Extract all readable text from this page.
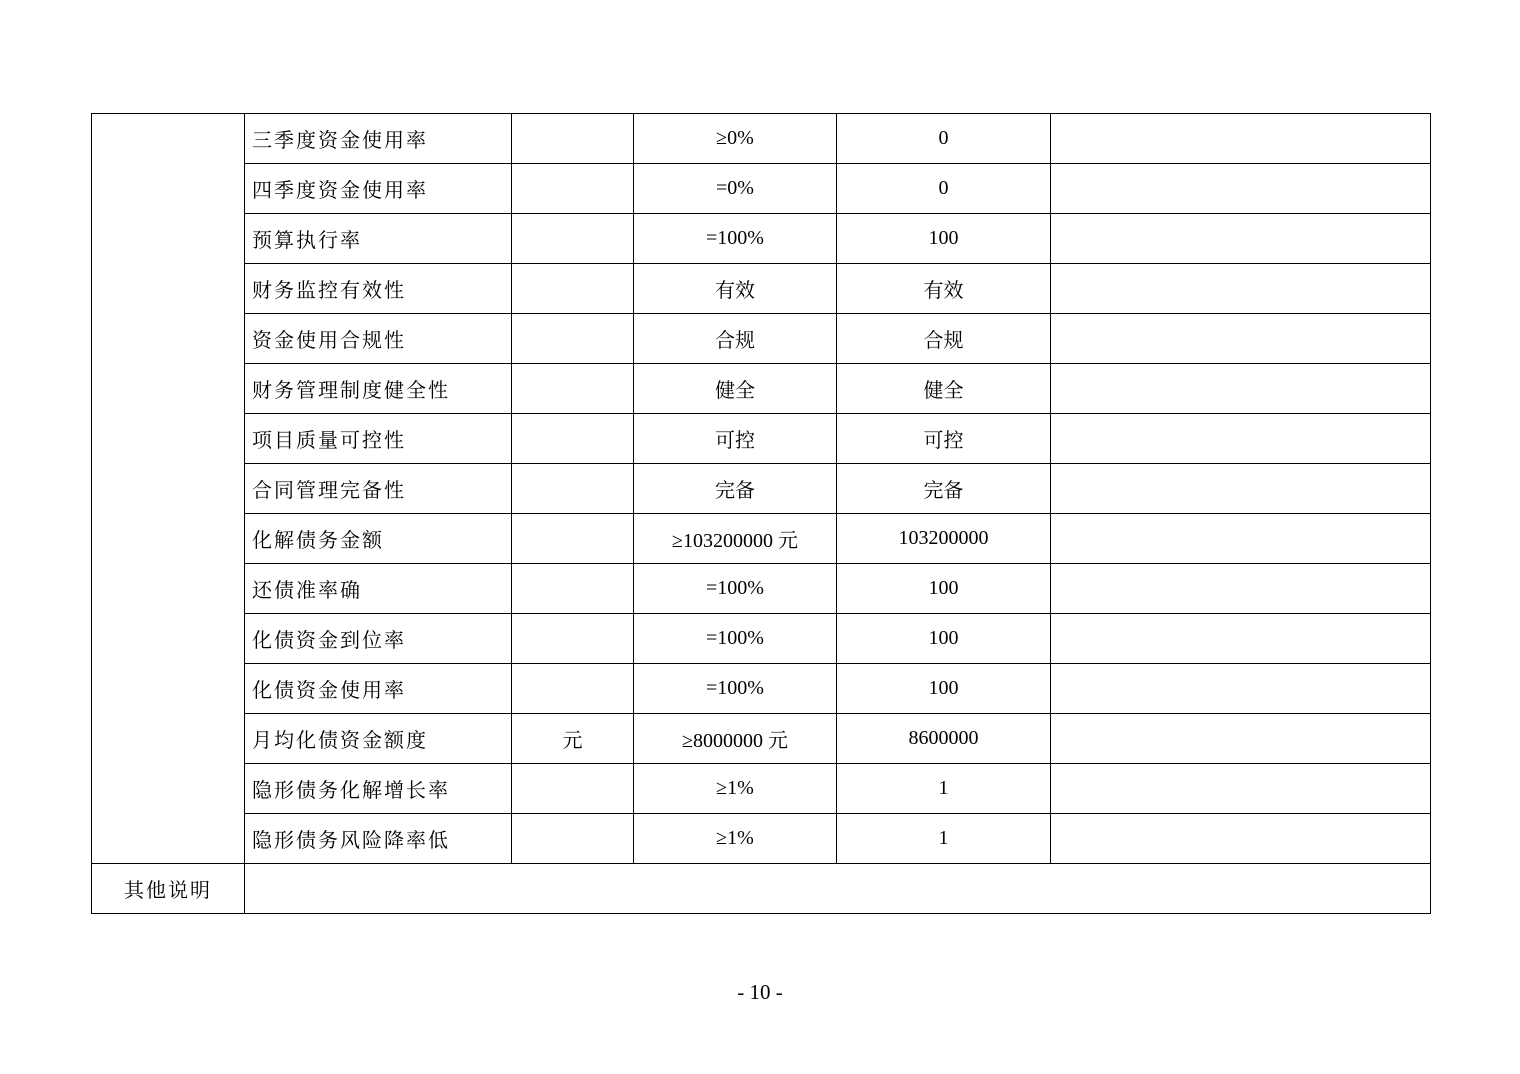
	三季度资金使用率		≥0%	0	
	四季度资金使用率		=0%	0	
	预算执行率		=100%	100	
	财务监控有效性		有效	有效	
	资金使用合规性		合规	合规	
	财务管理制度健全性		健全	健全	
	项目质量可控性		可控	可控	
	合同管理完备性		完备	完备	
	化解债务金额		≥103200000 元	103200000	
	还债准率确		=100%	100	
	化债资金到位率		=100%	100	
	化债资金使用率		=100%	100	
	月均化债资金额度	元	≥8000000 元	8600000	
	隐形债务化解增长率		≥1%	1	
	隐形债务风险降率低		≥1%	1	
其他说明					
- 10 -
